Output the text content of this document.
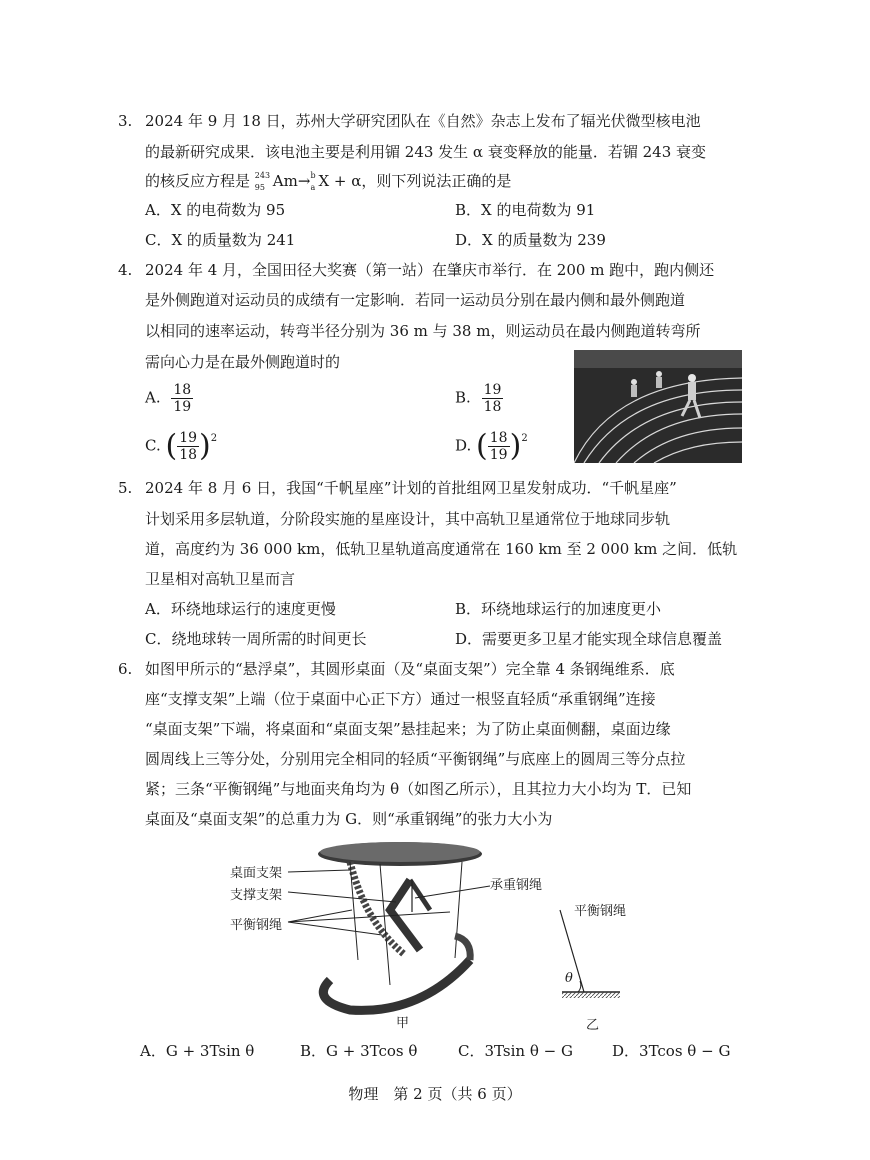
3. 2024 年 9 月 18 日，苏州大学研究团队在《自然》杂志上发布了辐光伏微型核电池
的最新研究成果．该电池主要是利用镅 243 发生 α 衰变释放的能量．若镅 243 衰变
的核反应方程是 243
95 Am→ b
a X + α，则下列说法正确的是
A．X 的电荷数为 95	B．X 的电荷数为 91
C．X 的质量数为 241	D．X 的质量数为 239
4. 2024 年 4 月，全国田径大奖赛（第一站）在肇庆市举行．在 200 m 跑中，跑内侧还
是外侧跑道对运动员的成绩有一定影响．若同一运动员分别在最内侧和最外侧跑道
以相同的速率运动，转弯半径分别为 36 m 与 38 m，则运动员在最内侧跑道转弯所
需向心力是在最外侧跑道时的
A. $\frac{18}{19}$	B. $\frac{19}{18}$
C. ( $\frac{19}{18} )^2$	D. ( $\frac{18}{19} )^2$
5. 2024 年 8 月 6 日，我国“千帆星座”计划的首批组网卫星发射成功．“千帆星座”
计划采用多层轨道，分阶段实施的星座设计，其中高轨卫星通常位于地球同步轨
道，高度约为 36 000 km，低轨卫星轨道高度通常在 160 km 至 2 000 km 之间．低轨
卫星相对高轨卫星而言
A．环绕地球运行的速度更慢	B．环绕地球运行的加速度更小
C．绕地球转一周所需的时间更长	D．需要更多卫星才能实现全球信息覆盖
6. 如图甲所示的“悬浮桌”，其圆形桌面（及“桌面支架”）完全靠 4 条钢绳维系．底
座“支撑支架”上端（位于桌面中心正下方）通过一根竖直轻质“承重钢绳”连接
“桌面支架”下端，将桌面和“桌面支架”悬挂起来；为了防止桌面侧翻，桌面边缘
圆周线上三等分处，分别用完全相同的轻质“平衡钢绳”与底座上的圆周三等分点拉
紧；三条“平衡钢绳”与地面夹角均为 θ（如图乙所示），且其拉力大小均为 T．已知
桌面及“桌面支架”的总重力为 G．则“承重钢绳”的张力大小为
桌面支架
支撑支架
平衡钢绳
承重钢绳
平衡钢绳
θ
甲	乙
A．G + 3Tsin θ	B．G + 3Tcos θ	C．3Tsin θ − G	D．3Tcos θ − G
物理　第 2 页（共 6 页）
